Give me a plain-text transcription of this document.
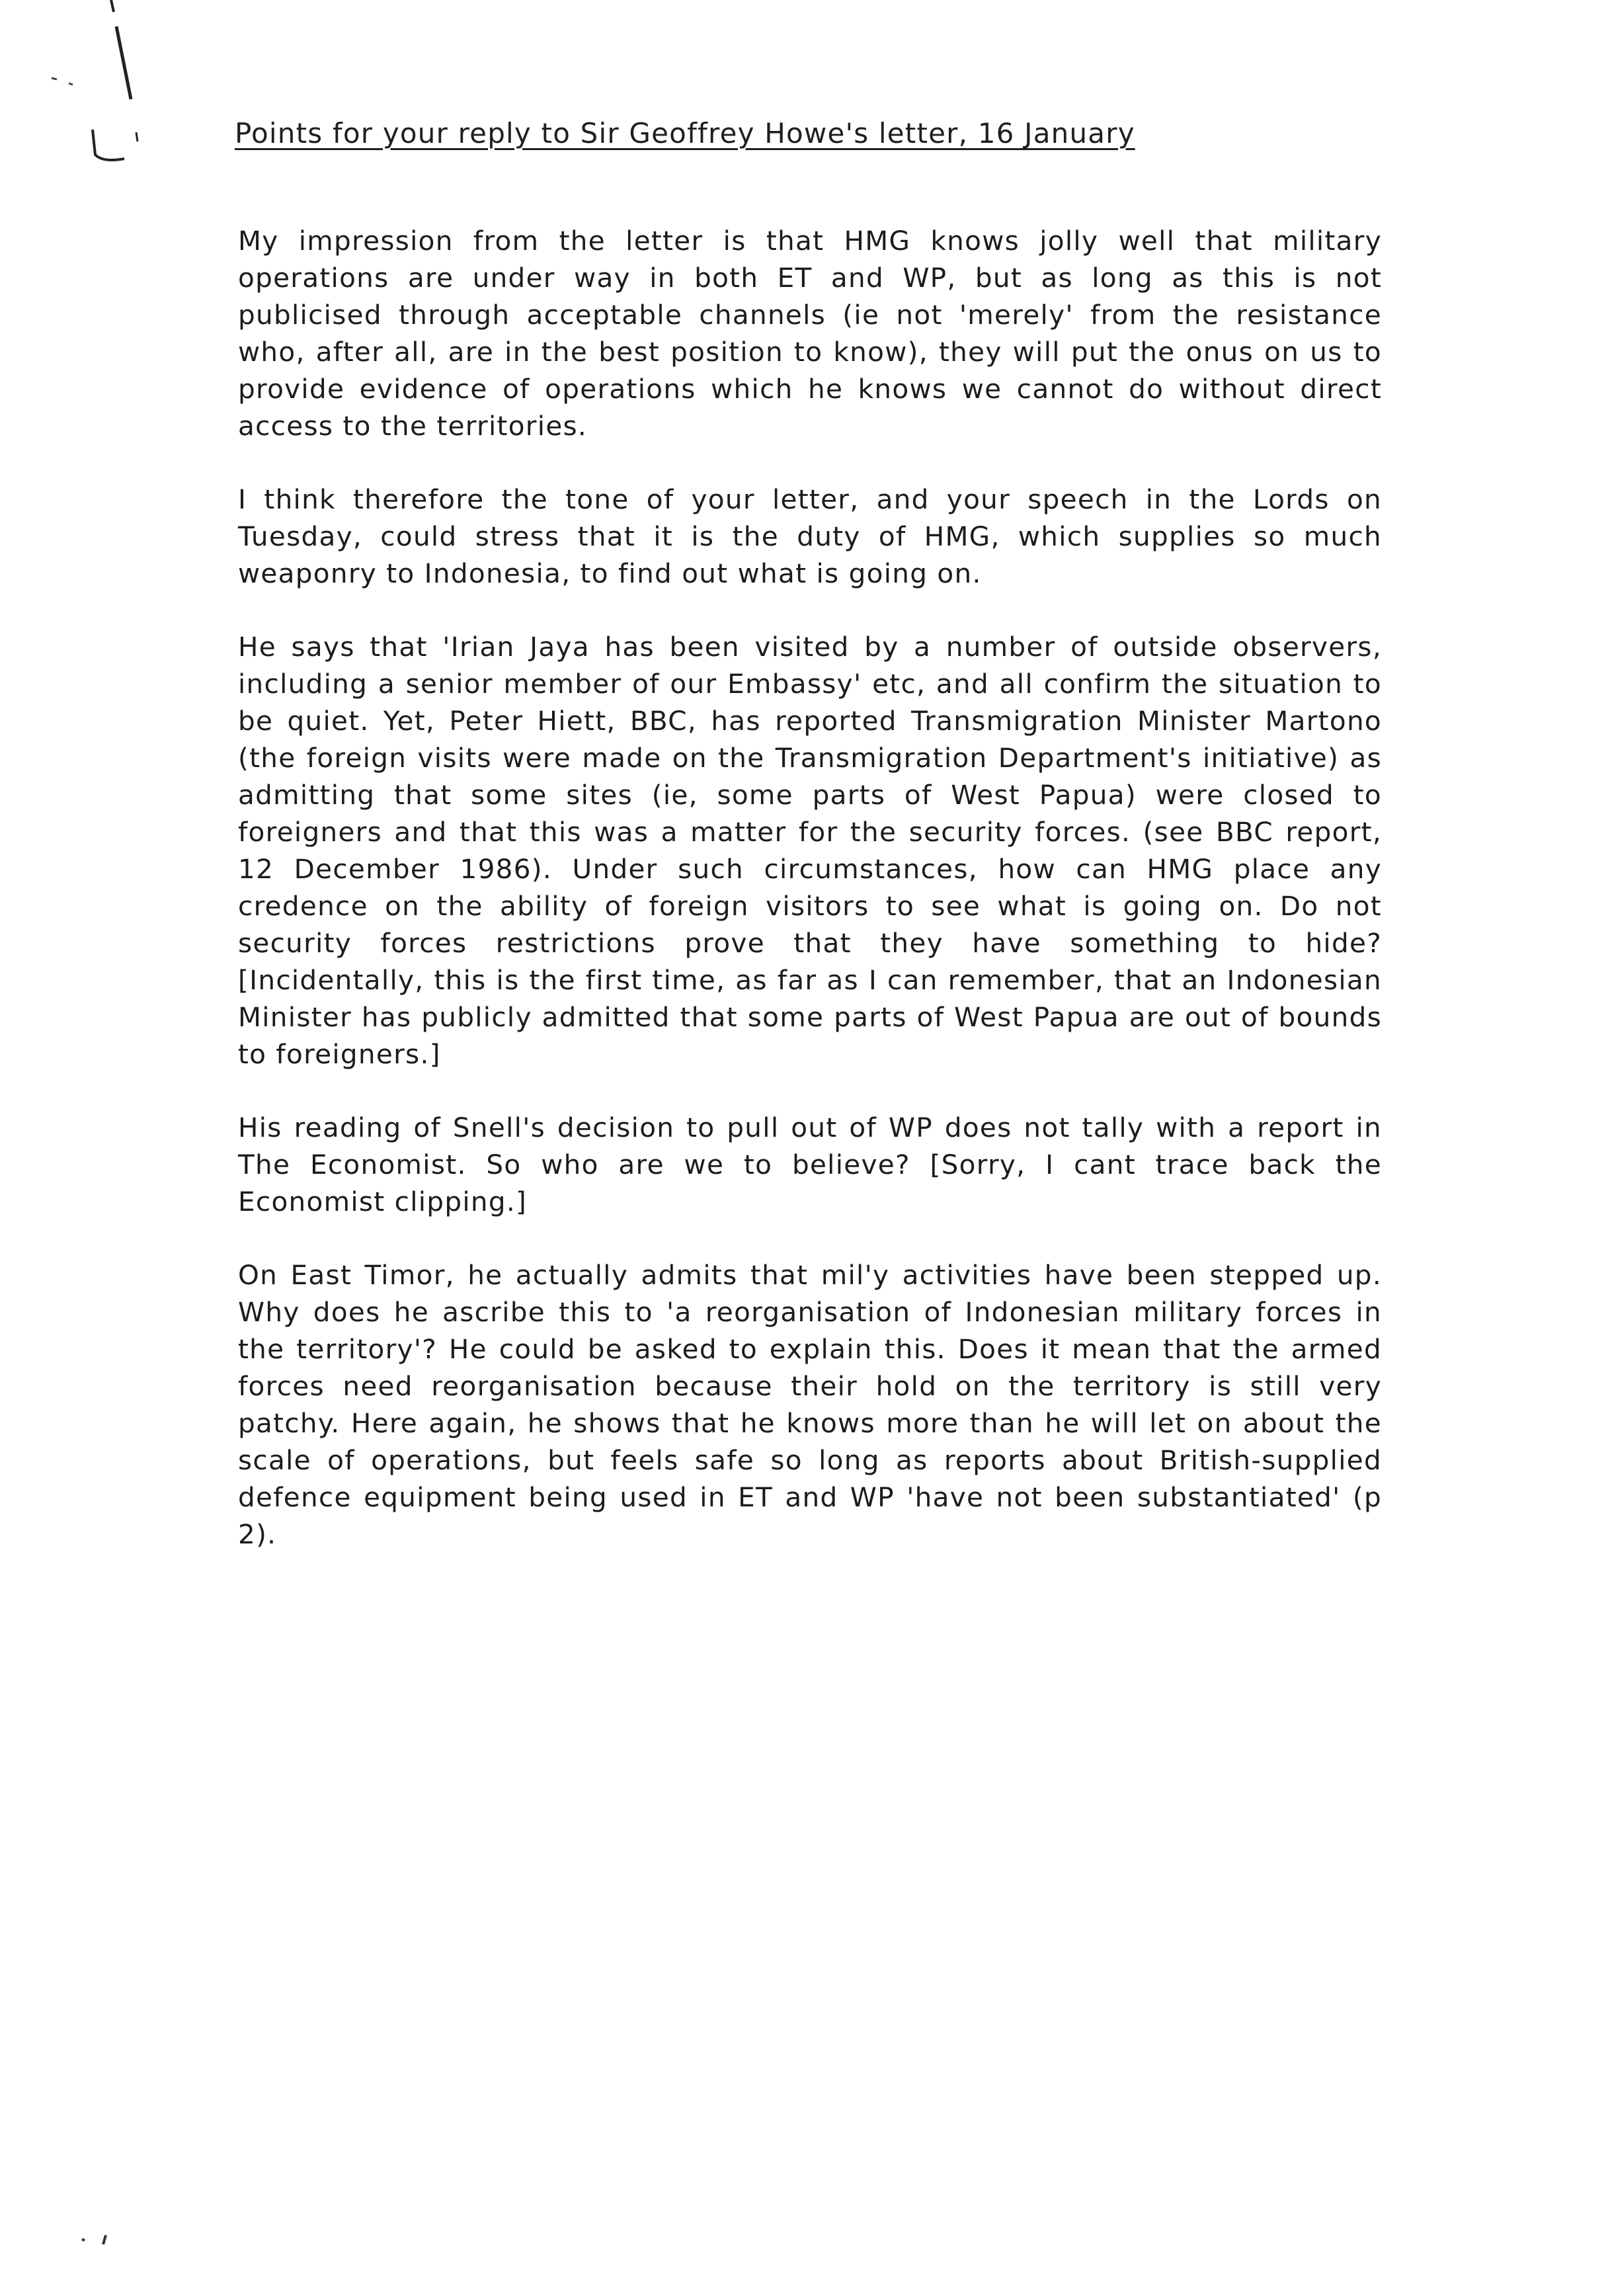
Points for your reply to Sir Geoffrey Howe's letter, 16 January

My impression from the letter is that HMG knows jolly well that military operations are under way in both ET and WP, but as long as this is not publicised through acceptable channels (ie not 'merely' from the resistance who, after all, are in the best position to know), they will put the onus on us to provide evidence of operations which he knows we cannot do without direct access to the territories.

I think therefore the tone of your letter, and your speech in the Lords on Tuesday, could stress that it is the duty of HMG, which supplies so much weaponry to Indonesia, to find out what is going on.

He says that 'Irian Jaya has been visited by a number of outside observers, including a senior member of our Embassy' etc, and all confirm the situation to be quiet. Yet, Peter Hiett, BBC, has reported Transmigration Minister Martono (the foreign visits were made on the Transmigration Department's initiative) as admitting that some sites (ie, some parts of West Papua) were closed to foreigners and that this was a matter for the security forces. (see BBC report, 12 December 1986). Under such circumstances, how can HMG place any credence on the ability of foreign visitors to see what is going on. Do not security forces restrictions prove that they have something to hide? [Incidentally, this is the first time, as far as I can remember, that an Indonesian Minister has publicly admitted that some parts of West Papua are out of bounds to foreigners.]

His reading of Snell's decision to pull out of WP does not tally with a report in The Economist. So who are we to believe? [Sorry, I cant trace back the Economist clipping.]

On East Timor, he actually admits that mil'y activities have been stepped up. Why does he ascribe this to 'a reorganisation of Indonesian military forces in the territory'? He could be asked to explain this. Does it mean that the armed forces need reorganisation because their hold on the territory is still very patchy. Here again, he shows that he knows more than he will let on about the scale of operations, but feels safe so long as reports about British-supplied defence equipment being used in ET and WP 'have not been substantiated' (p 2).
